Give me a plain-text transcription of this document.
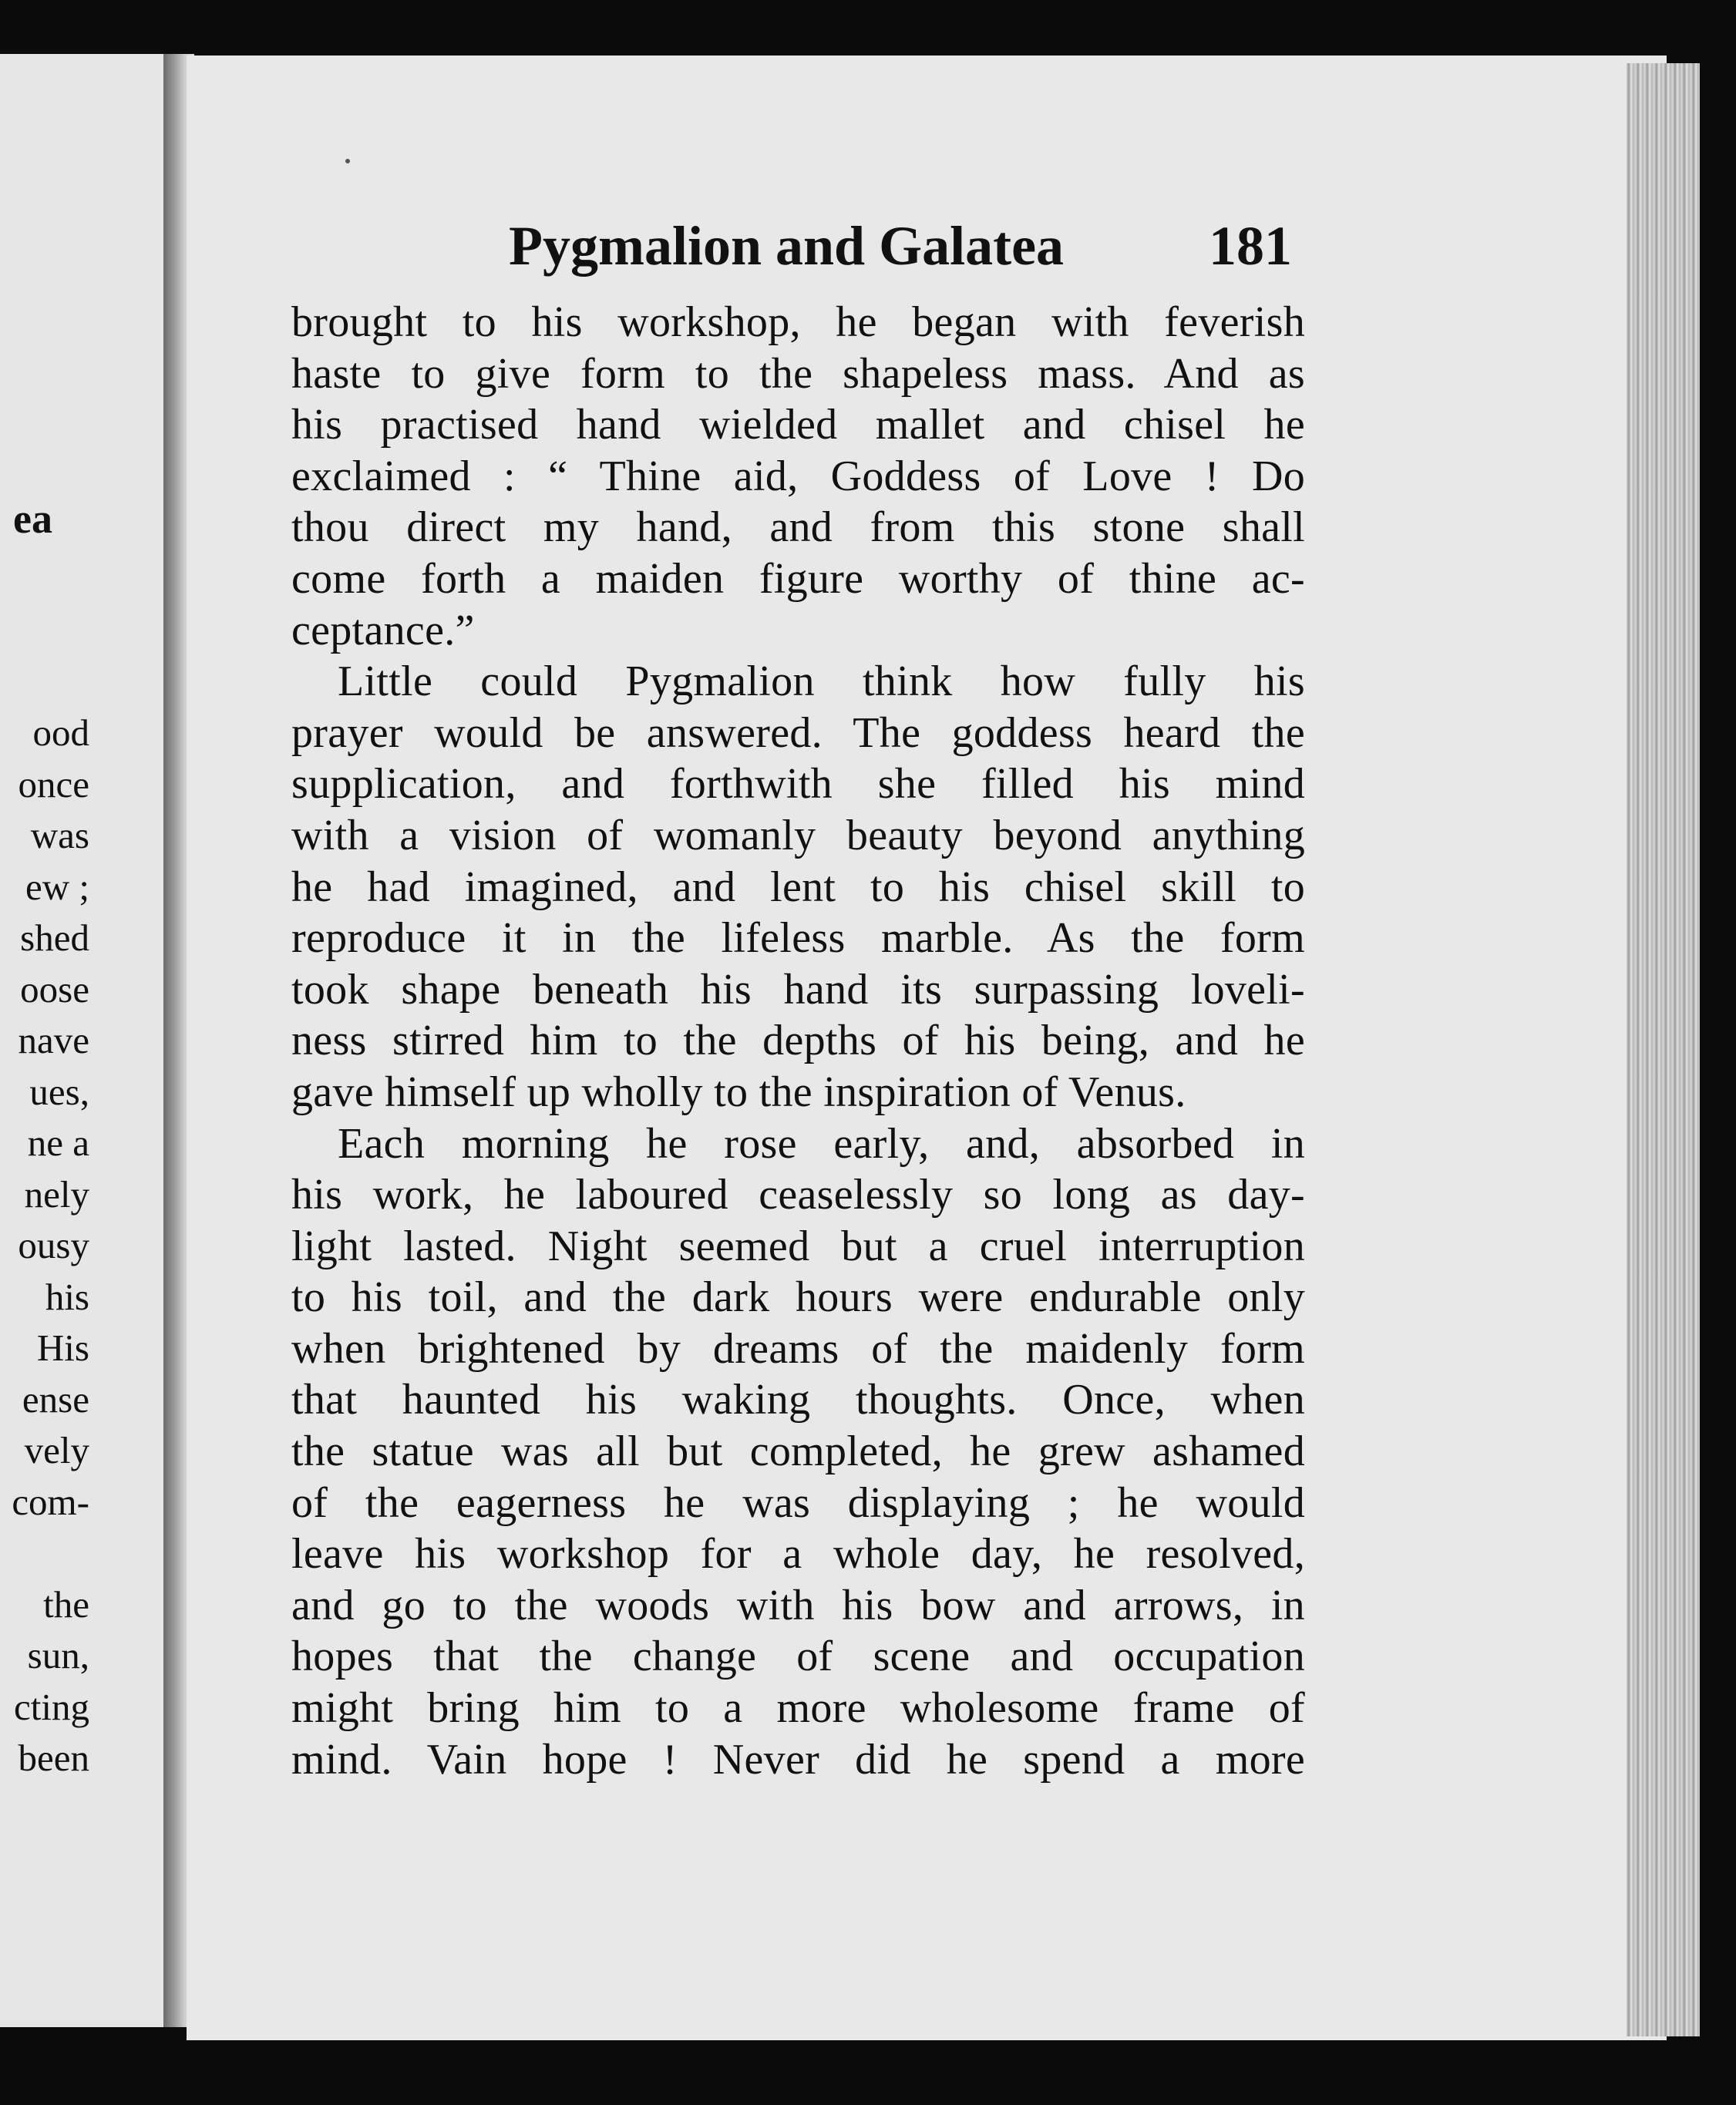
ea
ood
once
was
ew ;
shed
oose
nave
ues,
ne a
nely
ousy
his
His
ense
vely
com-
the
sun,
cting
been
Pygmalion and Galatea	181
brought to his workshop, he began with feverish
haste to give form to the shapeless mass. And as
his practised hand wielded mallet and chisel he
exclaimed : “ Thine aid, Goddess of Love ! Do
thou direct my hand, and from this stone shall
come forth a maiden figure worthy of thine ac-
ceptance.”
Little could Pygmalion think how fully his
prayer would be answered. The goddess heard the
supplication, and forthwith she filled his mind
with a vision of womanly beauty beyond anything
he had imagined, and lent to his chisel skill to
reproduce it in the lifeless marble. As the form
took shape beneath his hand its surpassing loveli-
ness stirred him to the depths of his being, and he
gave himself up wholly to the inspiration of Venus.
Each morning he rose early, and, absorbed in
his work, he laboured ceaselessly so long as day-
light lasted. Night seemed but a cruel interruption
to his toil, and the dark hours were endurable only
when brightened by dreams of the maidenly form
that haunted his waking thoughts. Once, when
the statue was all but completed, he grew ashamed
of the eagerness he was displaying ; he would
leave his workshop for a whole day, he resolved,
and go to the woods with his bow and arrows, in
hopes that the change of scene and occupation
might bring him to a more wholesome frame of
mind. Vain hope ! Never did he spend a more
